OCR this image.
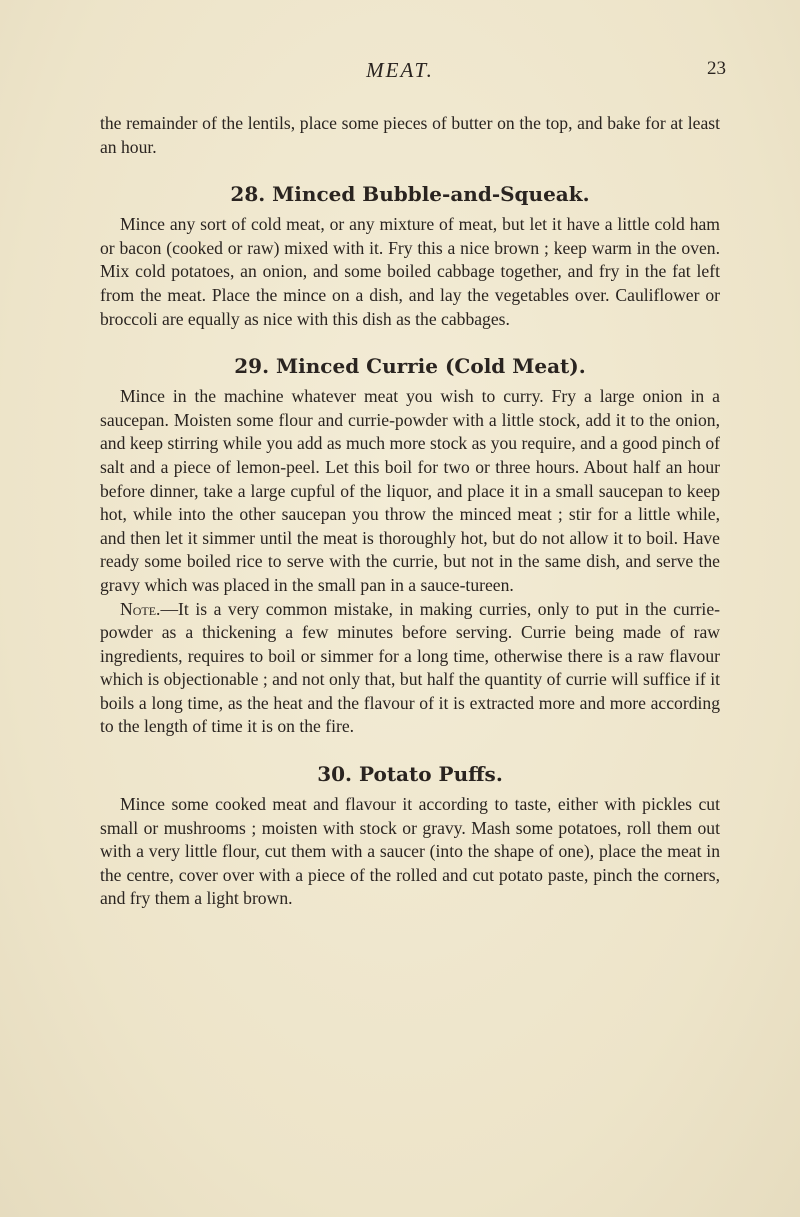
MEAT.	23

the remainder of the lentils, place some pieces of butter on the top, and bake for at least an hour.

28. Minced Bubble-and-Squeak.

Mince any sort of cold meat, or any mixture of meat, but let it have a little cold ham or bacon (cooked or raw) mixed with it. Fry this a nice brown ; keep warm in the oven. Mix cold potatoes, an onion, and some boiled cabbage together, and fry in the fat left from the meat. Place the mince on a dish, and lay the vegetables over. Cauliflower or broccoli are equally as nice with this dish as the cabbages.

29. Minced Currie (Cold Meat).

Mince in the machine whatever meat you wish to curry. Fry a large onion in a saucepan. Moisten some flour and currie-powder with a little stock, add it to the onion, and keep stirring while you add as much more stock as you require, and a good pinch of salt and a piece of lemon-peel. Let this boil for two or three hours. About half an hour before dinner, take a large cupful of the liquor, and place it in a small saucepan to keep hot, while into the other saucepan you throw the minced meat ; stir for a little while, and then let it simmer until the meat is thoroughly hot, but do not allow it to boil. Have ready some boiled rice to serve with the currie, but not in the same dish, and serve the gravy which was placed in the small pan in a sauce-tureen.

Note.—It is a very common mistake, in making curries, only to put in the currie-powder as a thickening a few minutes before serving. Currie being made of raw ingredients, requires to boil or simmer for a long time, otherwise there is a raw flavour which is objectionable ; and not only that, but half the quantity of currie will suffice if it boils a long time, as the heat and the flavour of it is extracted more and more according to the length of time it is on the fire.

30. Potato Puffs.

Mince some cooked meat and flavour it according to taste, either with pickles cut small or mushrooms ; moisten with stock or gravy. Mash some potatoes, roll them out with a very little flour, cut them with a saucer (into the shape of one), place the meat in the centre, cover over with a piece of the rolled and cut potato paste, pinch the corners, and fry them a light brown.
